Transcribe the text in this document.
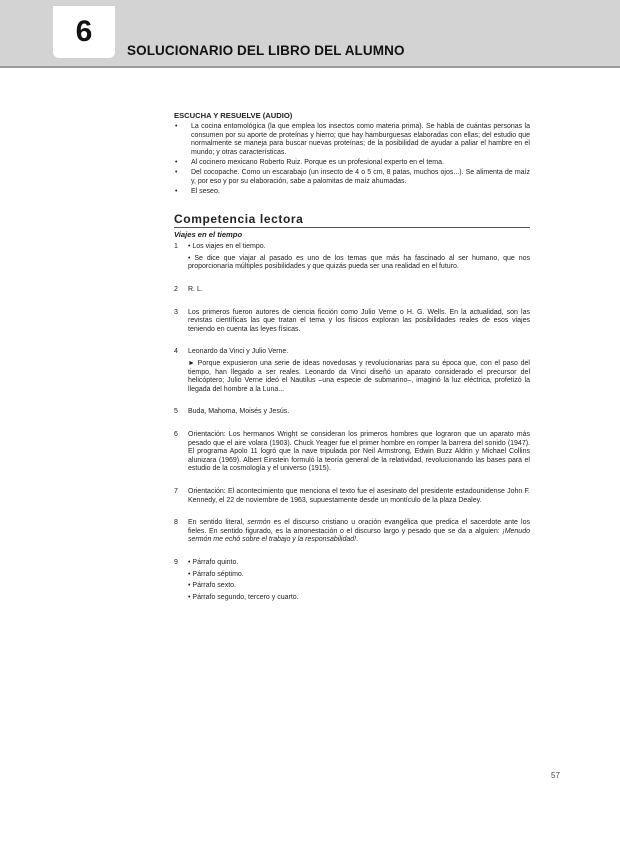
6
SOLUCIONARIO DEL LIBRO DEL ALUMNO
ESCUCHA Y RESUELVE (AUDIO)
• La cocina entomológica (la que emplea los insectos como materia prima). Se habla de cuántas personas la consumen por su aporte de proteínas y hierro; que hay hamburguesas elaboradas con ellas; del estudio que normalmente se maneja para buscar nuevas proteínas; de la posibilidad de ayudar a paliar el hambre en el mundo; y otras características.
• Al cocinero mexicano Roberto Ruiz. Porque es un profesional experto en el tema.
• Del cocopache. Como un escarabajo (un insecto de 4 o 5 cm, 8 patas, muchos ojos...). Se alimenta de maíz y, por eso y por su elaboración, sabe a palomitas de maíz ahumadas.
• El seseo.
Competencia lectora
Viajes en el tiempo
1 • Los viajes en el tiempo.

• Se dice que viajar al pasado es uno de los temas que más ha fascinado al ser humano, que nos proporcionaría múltiples posibilidades y que quizás pueda ser una realidad en el futuro.

2 R. L.

3 Los primeros fueron autores de ciencia ficción como Julio Verne o H. G. Wells. En la actualidad, son las revistas científicas las que tratan el tema y los físicos exploran las posibilidades reales de esos viajes teniendo en cuenta las leyes físicas.

4 Leonardo da Vinci y Julio Verne.

► Porque expusieron una serie de ideas novedosas y revolucionarias para su época que, con el paso del tiempo, han llegado a ser reales. Leonardo da Vinci diseñó un aparato considerado el precursor del helicóptero; Julio Verne ideó el Nautilus –una especie de submarino–, imaginó la luz eléctrica, profetizó la llegada del hombre a la Luna...

5 Buda, Mahoma, Moisés y Jesús.

6 Orientación: Los hermanos Wright se consideran los primeros hombres que lograron que un aparato más pesado que el aire volara (1903). Chuck Yeager fue el primer hombre en romper la barrera del sonido (1947). El programa Apolo 11 logró que la nave tripulada por Neil Armstrong, Edwin Buzz Aldrin y Michael Collins alunizara (1969). Albert Einstein formuló la teoría general de la relatividad, revolucionando las bases para el estudio de la cosmología y el universo (1915).

7 Orientación: El acontecimiento que menciona el texto fue el asesinato del presidente estadounidense John F. Kennedy, el 22 de noviembre de 1963, supuestamente desde un montículo de la plaza Dealey.

8 En sentido literal, sermón es el discurso cristiano u oración evangélica que predica el sacerdote ante los fieles. En sentido figurado, es la amonestación o el discurso largo y pesado que se da a alguien: ¡Menudo sermón me echó sobre el trabajo y la responsabilidad!.

9 • Párrafo quinto.

• Párrafo séptimo.

• Párrafo sexto.

• Párrafo segundo, tercero y cuarto.

57
